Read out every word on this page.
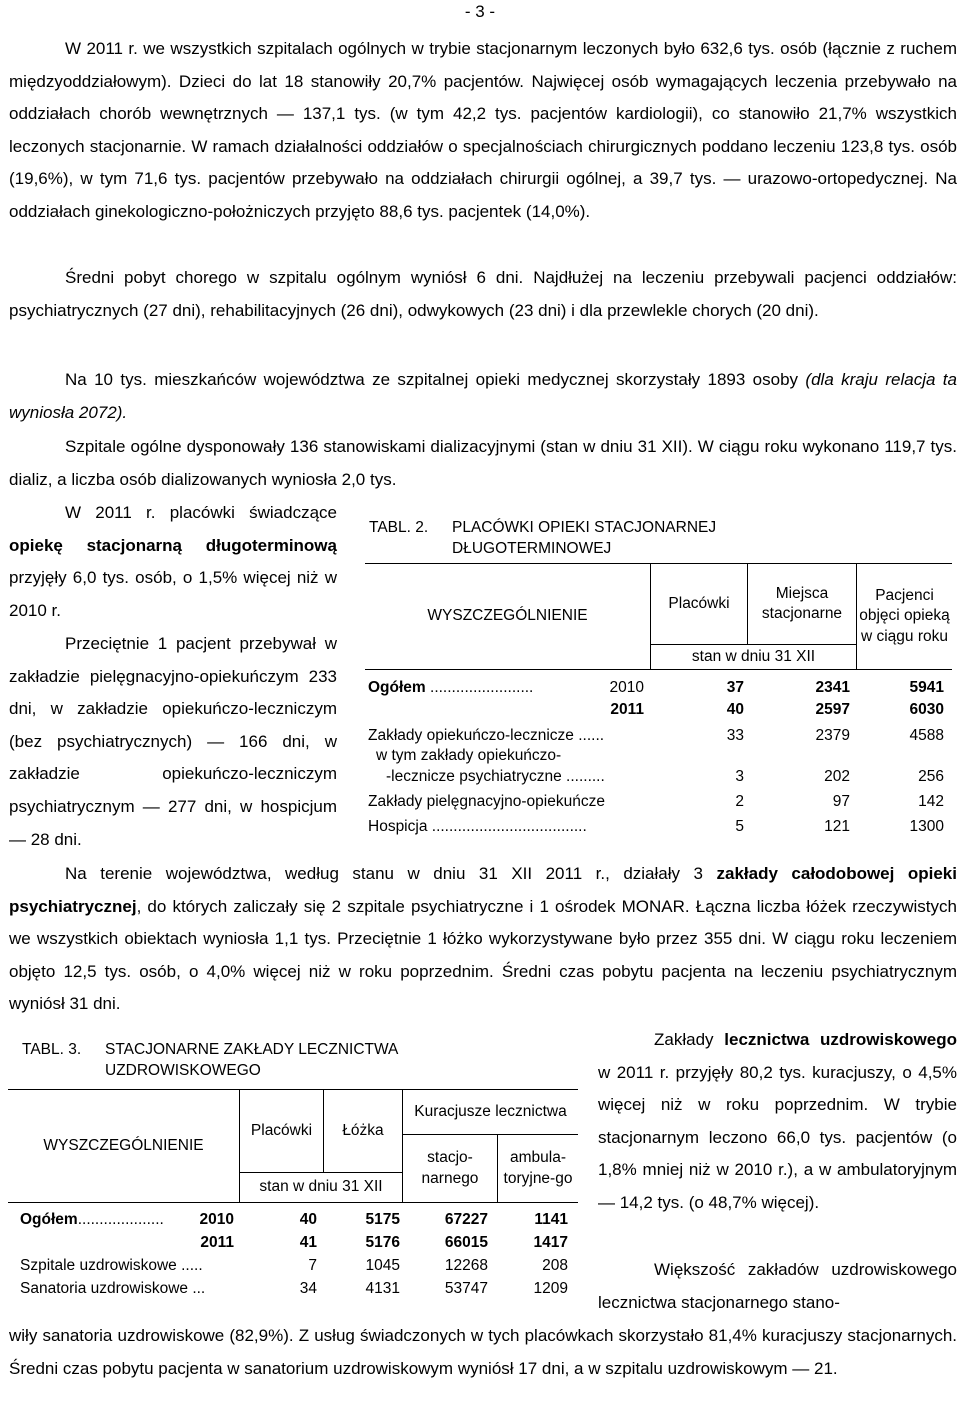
- 3 -

W 2011 r. we wszystkich szpitalach ogólnych w trybie stacjonarnym leczonych było 632,6 tys. osób (łącznie z ruchem międzyoddziałowym). Dzieci do lat 18 stanowiły 20,7% pacjentów. Najwięcej osób wymagających leczenia przebywało na oddziałach chorób wewnętrznych — 137,1 tys. (w tym 42,2 tys. pacjentów kardiologii), co stanowiło 21,7% wszystkich leczonych stacjonarnie. W ramach działalności oddziałów o specjalnościach chirurgicznych poddano leczeniu 123,8 tys. osób (19,6%), w tym 71,6 tys. pacjentów przebywało na oddziałach chirurgii ogólnej, a 39,7 tys. — urazowo-ortopedycznej. Na oddziałach ginekologiczno-położniczych przyjęto 88,6 tys. pacjentek (14,0%).

Średni pobyt chorego w szpitalu ogólnym wyniósł 6 dni. Najdłużej na leczeniu przebywali pacjenci oddziałów: psychiatrycznych (27 dni), rehabilitacyjnych (26 dni), odwykowych (23 dni) i dla przewlekle chorych (20 dni).

Na 10 tys. mieszkańców województwa ze szpitalnej opieki medycznej skorzystały 1893 osoby (dla kraju relacja ta wyniosła 2072).

Szpitale ogólne dysponowały 136 stanowiskami dializacyjnymi (stan w dniu 31 XII). W ciągu roku wykonano 119,7 tys. dializ, a liczba osób dializowanych wyniosła 2,0 tys.

W 2011 r. placówki świadczące opiekę stacjonarną długoterminową przyjęły 6,0 tys. osób, o 1,5% więcej niż w 2010 r.

Przeciętnie 1 pacjent przebywał w zakładzie pielęgnacyjno-opiekuńczym 233 dni, w zakładzie opiekuńczo-leczniczym (bez psychiatrycznych) — 166 dni, w zakładzie opiekuńczo-leczniczym psychiatrycznym — 277 dni, w hospicjum — 28 dni.

TABL. 2. PLACÓWKI OPIEKI STACJONARNEJ DŁUGOTERMINOWEJ
WYSZCZEGÓLNIENIE
Placówki
Miejsca stacjonarne
Pacjenci objęci opieką w ciągu roku
stan w dniu 31 XII
Ogółem ........................	2010	37	2341	5941
2011	40	2597	6030
Zakłady opiekuńczo-lecznicze ......	33	2379	4588
w tym zakłady opiekuńczo-
-lecznicze psychiatryczne .........	3	202	256
Zakłady pielęgnacyjno-opiekuńcze	2	97	142
Hospicja ....................................	5	121	1300

Na terenie województwa, według stanu w dniu 31 XII 2011 r., działały 3 zakłady całodobowej opieki psychiatrycznej, do których zaliczały się 2 szpitale psychiatryczne i 1 ośrodek MONAR. Łączna liczba łóżek rzeczywistych we wszystkich obiektach wyniosła 1,1 tys. Przeciętnie 1 łóżko wykorzystywane było przez 355 dni. W ciągu roku leczeniem objęto 12,5 tys. osób, o 4,0% więcej niż w roku poprzednim. Średni czas pobytu pacjenta na leczeniu psychiatrycznym wyniósł 31 dni.

TABL. 3. STACJONARNE ZAKŁADY LECZNICTWA UZDROWISKOWEGO
WYSZCZEGÓLNIENIE
Placówki	Łóżka
Kuracjusze lecznictwa
stacjo-narnego
ambula-toryjne-go
stan w dniu 31 XII
Ogółem....................	2010	40	5175	67227	1141
2011	41	5176	66015	1417
Szpitale uzdrowiskowe .....	7	1045	12268	208
Sanatoria uzdrowiskowe ...	34	4131	53747	1209

Zakłady lecznictwa uzdrowiskowego w 2011 r. przyjęły 80,2 tys. kuracjuszy, o 4,5% więcej niż w roku poprzednim. W trybie stacjonarnym leczono 66,0 tys. pacjentów (o 1,8% mniej niż w 2010 r.), a w ambulatoryjnym — 14,2 tys. (o 48,7% więcej).

Większość zakładów uzdrowiskowego lecznictwa stacjonarnego stano-

wiły sanatoria uzdrowiskowe (82,9%). Z usług świadczonych w tych placówkach skorzystało 81,4% kuracjuszy stacjonarnych. Średni czas pobytu pacjenta w sanatorium uzdrowiskowym wyniósł 17 dni, a w szpitalu uzdrowiskowym — 21.
